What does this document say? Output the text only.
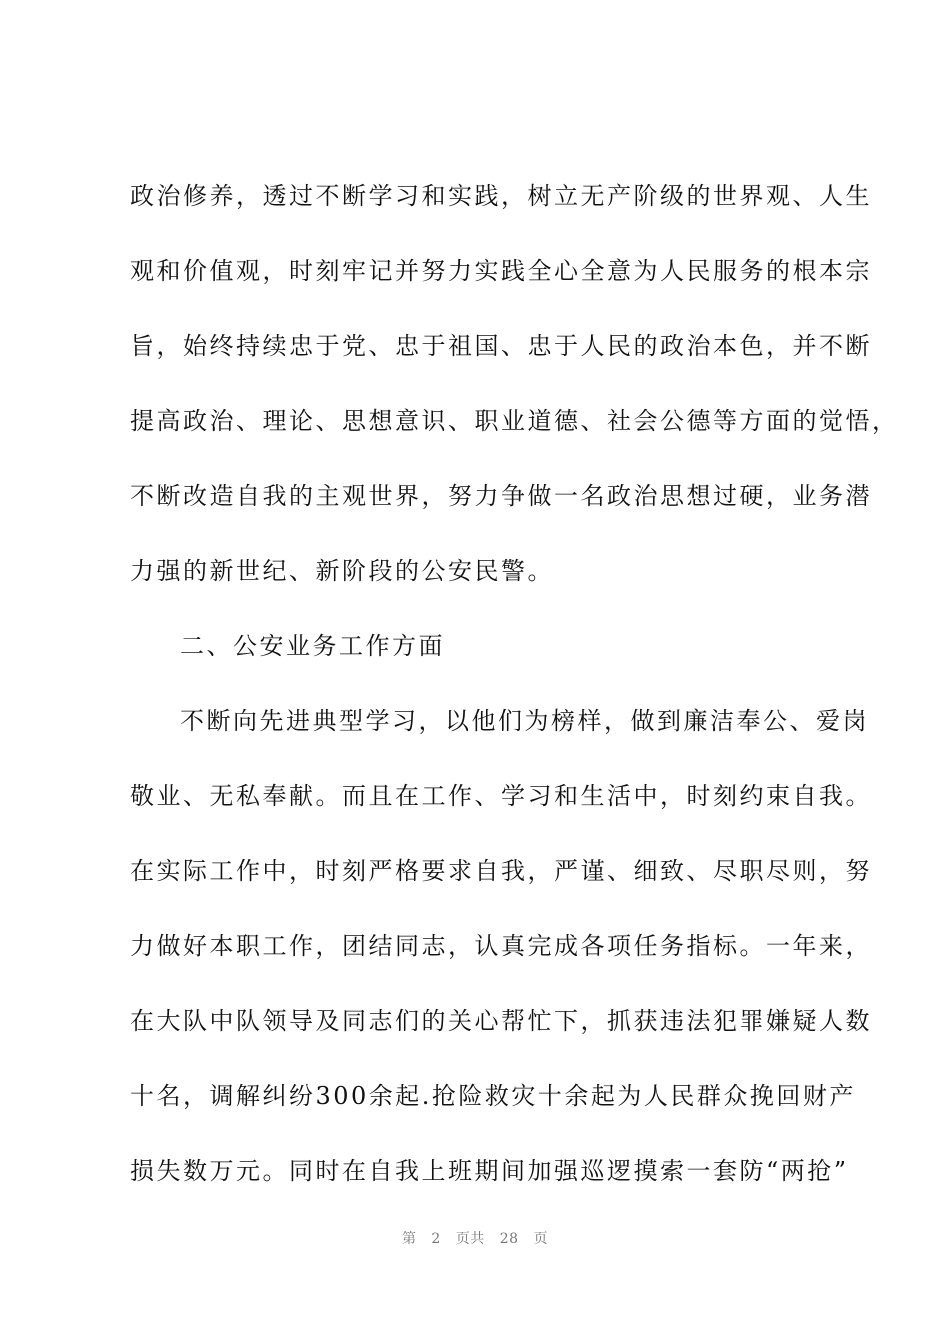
政治修养，透过不断学习和实践，树立无产阶级的世界观、人生
观和价值观，时刻牢记并努力实践全心全意为人民服务的根本宗
旨，始终持续忠于党、忠于祖国、忠于人民的政治本色，并不断
提高政治、理论、思想意识、职业道德、社会公德等方面的觉悟，
不断改造自我的主观世界，努力争做一名政治思想过硬，业务潜
力强的新世纪、新阶段的公安民警。
二、公安业务工作方面
不断向先进典型学习，以他们为榜样，做到廉洁奉公、爱岗
敬业、无私奉献。而且在工作、学习和生活中，时刻约束自我。
在实际工作中，时刻严格要求自我，严谨、细致、尽职尽则，努
力做好本职工作，团结同志，认真完成各项任务指标。一年来，
在大队中队领导及同志们的关心帮忙下，抓获违法犯罪嫌疑人数
十名，调解纠纷300余起.抢险救灾十余起为人民群众挽回财产
损失数万元。同时在自我上班期间加强巡逻摸索一套防“两抢”
第 2 页共 28 页
